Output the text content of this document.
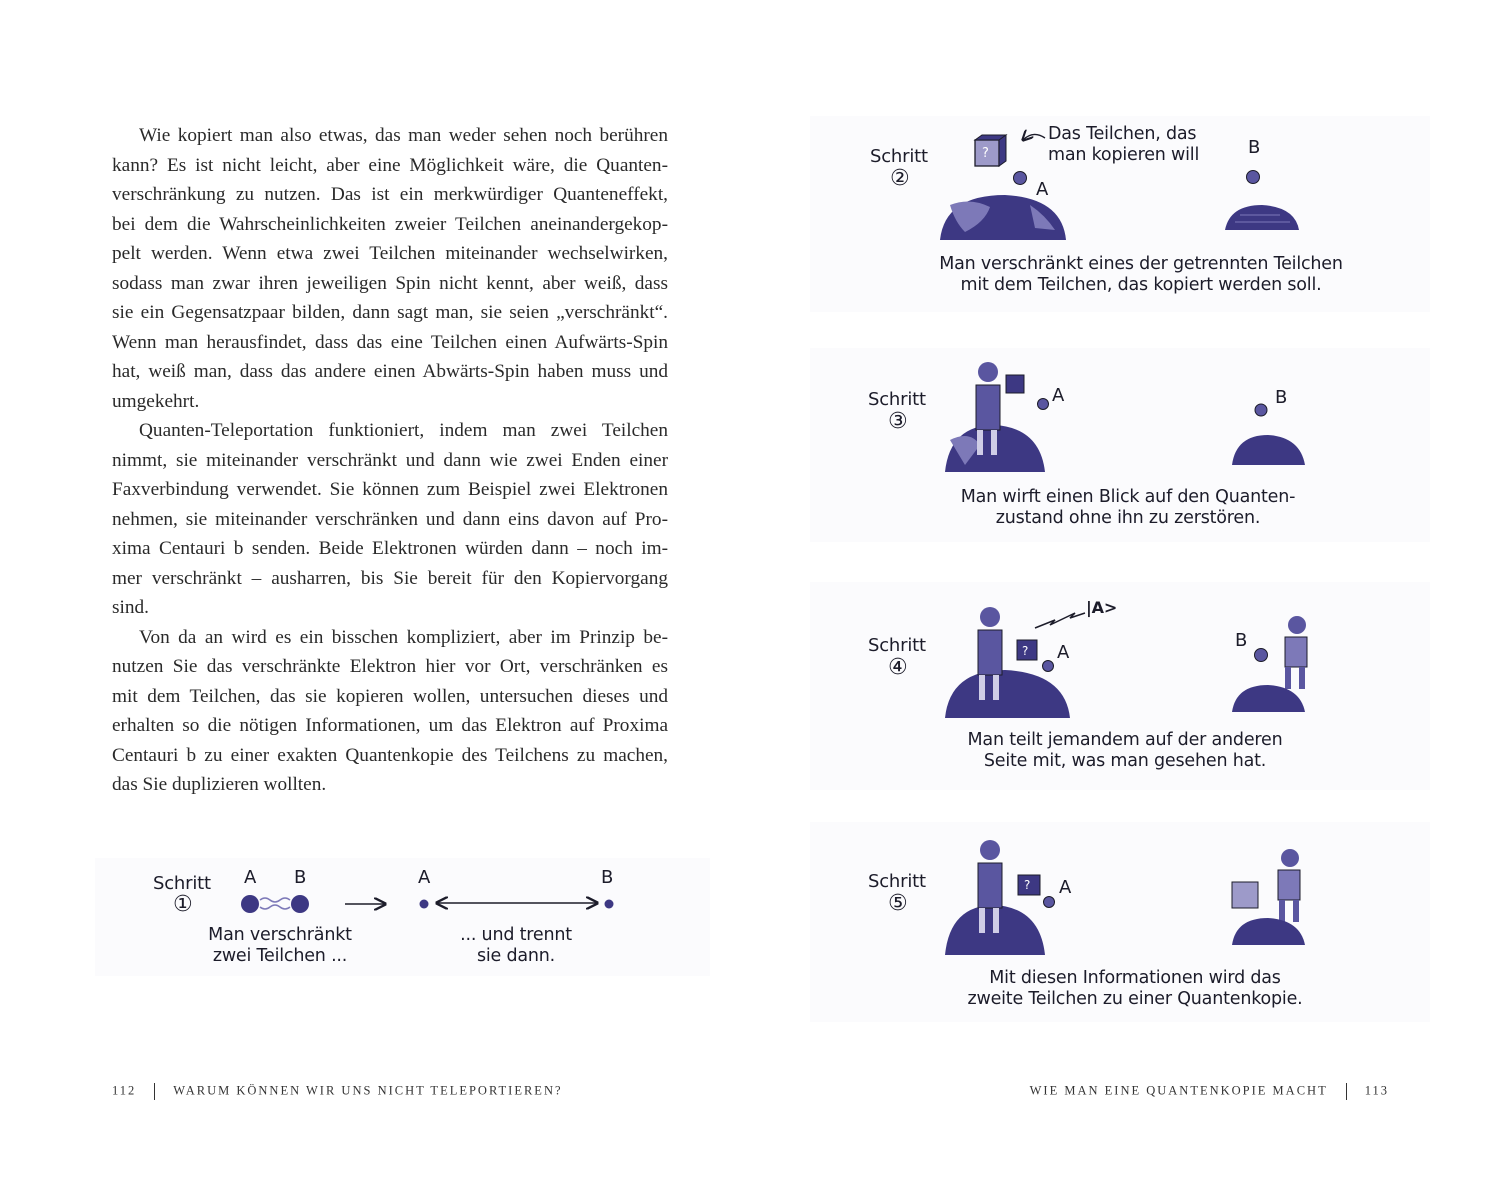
Wie kopiert man also etwas, das man weder sehen noch berühren
kann? Es ist nicht leicht, aber eine Möglichkeit wäre, die Quanten-
verschränkung zu nutzen. Das ist ein merkwürdiger Quanteneffekt,
bei dem die Wahrscheinlichkeiten zweier Teilchen aneinandergekop-
pelt werden. Wenn etwa zwei Teilchen miteinander wechselwirken,
sodass man zwar ihren jeweiligen Spin nicht kennt, aber weiß, dass
sie ein Gegensatzpaar bilden, dann sagt man, sie seien „verschränkt“.
Wenn man herausfindet, dass das eine Teilchen einen Aufwärts-Spin
hat, weiß man, dass das andere einen Abwärts-Spin haben muss und
umgekehrt.
Quanten-Teleportation funktioniert, indem man zwei Teilchen
nimmt, sie miteinander verschränkt und dann wie zwei Enden einer
Faxverbindung verwendet. Sie können zum Beispiel zwei Elektronen
nehmen, sie miteinander verschränken und dann eins davon auf Pro-
xima Centauri b senden. Beide Elektronen würden dann – noch im-
mer verschränkt – ausharren, bis Sie bereit für den Kopiervorgang
sind.
Von da an wird es ein bisschen kompliziert, aber im Prinzip be-
nutzen Sie das verschränkte Elektron hier vor Ort, verschränken es
mit dem Teilchen, das sie kopieren wollen, untersuchen dieses und
erhalten so die nötigen Informationen, um das Elektron auf Proxima
Centauri b zu einer exakten Quantenkopie des Teilchens zu machen,
das Sie duplizieren wollten.
Schritt
①
A B	A	B
Man verschränkt
zwei Teilchen ...
... und trennt
sie dann.
Schritt
②
?
Das Teilchen, das
man kopieren will
A
B
Man verschränkt eines der getrennten Teilchen
mit dem Teilchen, das kopiert werden soll.
Schritt
③
A	B
Man wirft einen Blick auf den Quanten-
zustand ohne ihn zu zerstören.
Schritt
④
?
|A>
A
B
Man teilt jemandem auf der anderen
Seite mit, was man gesehen hat.
Schritt
⑤
? A
Mit diesen Informationen wird das
zweite Teilchen zu einer Quantenkopie.
112	WARUM KÖNNEN WIR UNS NICHT TELEPORTIEREN?	WIE MAN EINE QUANTENKOPIE MACHT	113
